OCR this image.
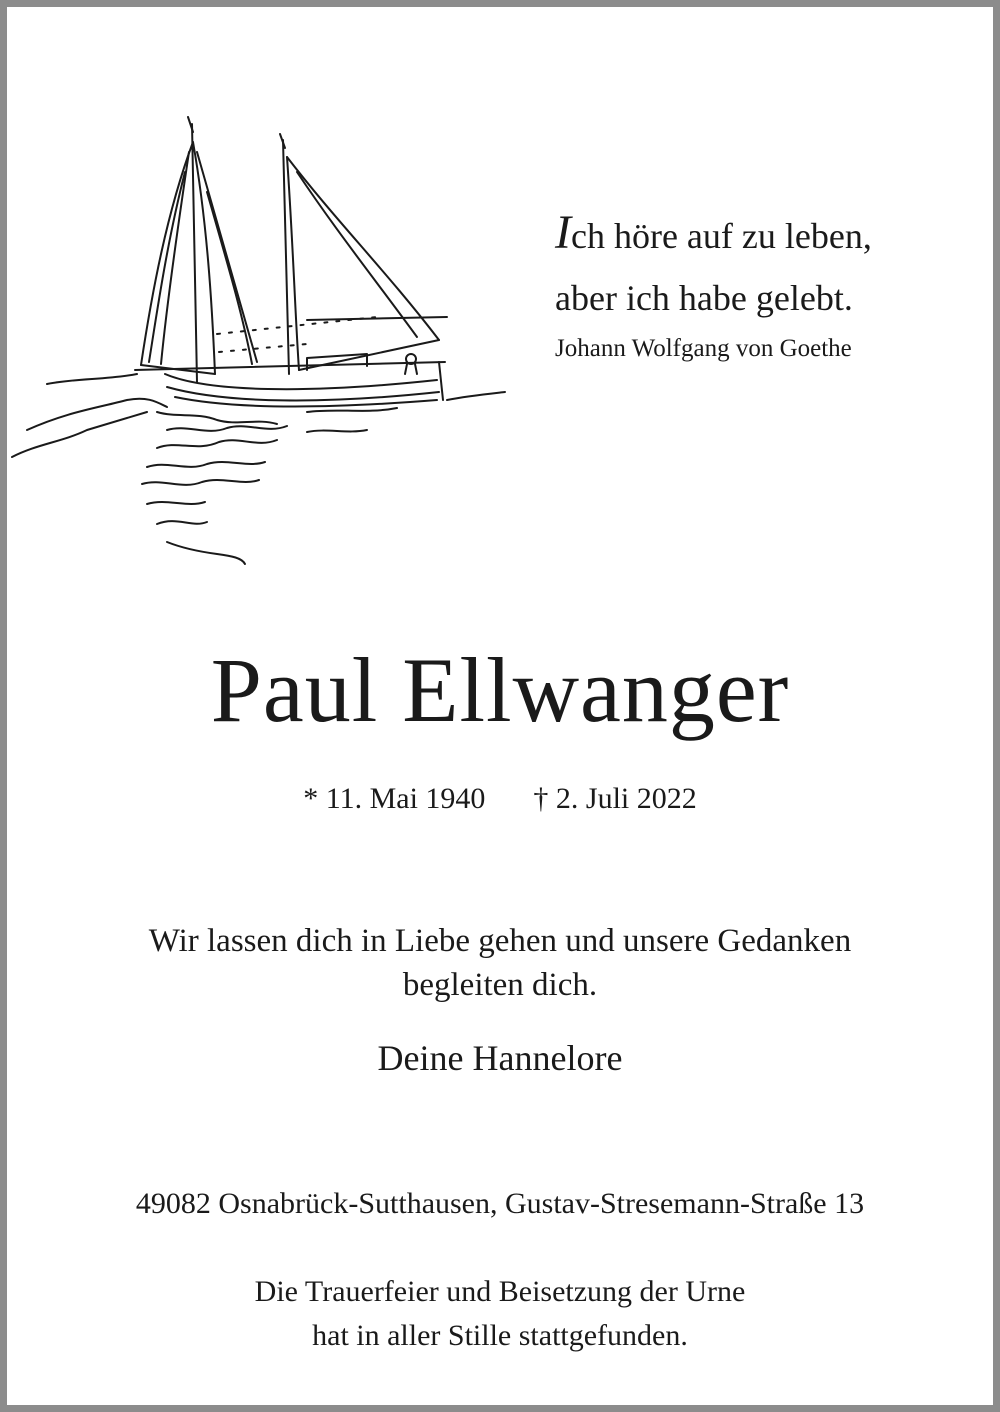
Ich höre auf zu leben,
aber ich habe gelebt.
Johann Wolfgang von Goethe
Paul Ellwanger
* 11. Mai 1940 † 2. Juli 2022
Wir lassen dich in Liebe gehen und unsere Gedanken
begleiten dich.
Deine Hannelore
49082 Osnabrück-Sutthausen, Gustav-Stresemann-Straße 13
Die Trauerfeier und Beisetzung der Urne
hat in aller Stille stattgefunden.
